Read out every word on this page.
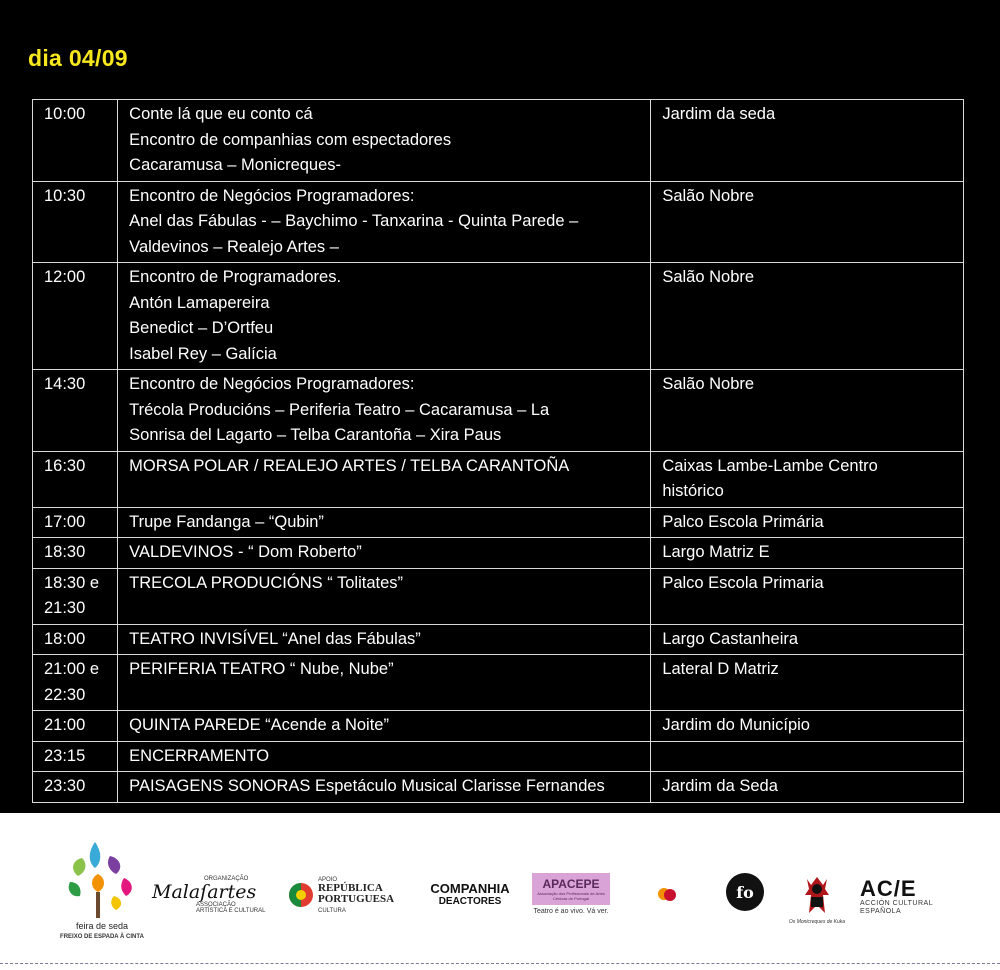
dia 04/09
10:00	Conte lá que eu conto cá
Encontro de companhias com espectadores
Cacaramusa – Monicreques-	Jardim da seda

10:30	Encontro de Negócios Programadores:
Anel das Fábulas - – Baychimo - Tanxarina - Quinta Parede –
Valdevinos – Realejo Artes –	Salão Nobre

12:00	Encontro de Programadores.
Antón Lamapereira
Benedict – D’Ortfeu
Isabel Rey – Galícia	Salão Nobre

14:30	Encontro de Negócios Programadores:
Trécola Producións – Periferia Teatro – Cacaramusa – La
Sonrisa del Lagarto – Telba Carantoña – Xira Paus	Salão Nobre

16:30	MORSA POLAR / REALEJO ARTES / TELBA CARANTOÑA	Caixas Lambe-Lambe Centro
histórico

17:00	Trupe Fandanga – “Qubin”	Palco Escola Primária

18:30	VALDEVINOS - “ Dom Roberto”	Largo Matriz E

18:30 e
21:30	TRECOLA PRODUCIÓNS “ Tolitates”	Palco Escola Primaria

18:00	TEATRO INVISÍVEL “Anel das Fábulas”	Largo Castanheira

21:00 e
22:30	PERIFERIA TEATRO “ Nube, Nube”	Lateral D Matriz

21:00	QUINTA PAREDE “Acende a Noite”	Jardim do Município

23:15	ENCERRAMENTO	

23:30	PAISAGENS SONORAS Espetáculo Musical Clarisse Fernandes	Jardim da Seda
feira de seda
FREIXO DE ESPADA À CINTA
ORGANIZAÇÃO
Malaſartes
ASSOCIAÇÃO ARTÍSTICA E CULTURAL
APOIO
REPÚBLICA
PORTUGUESA
CULTURA
COMPANHIA
DEACTORES
APACEPE
Associação dos Profissionais de Artes Cénicas de Portugal
Teatro é ao vivo. Vá ver.
fo
Os Monicreques de Kuka
AC/E
ACCIÓN CULTURAL
ESPAÑOLA
